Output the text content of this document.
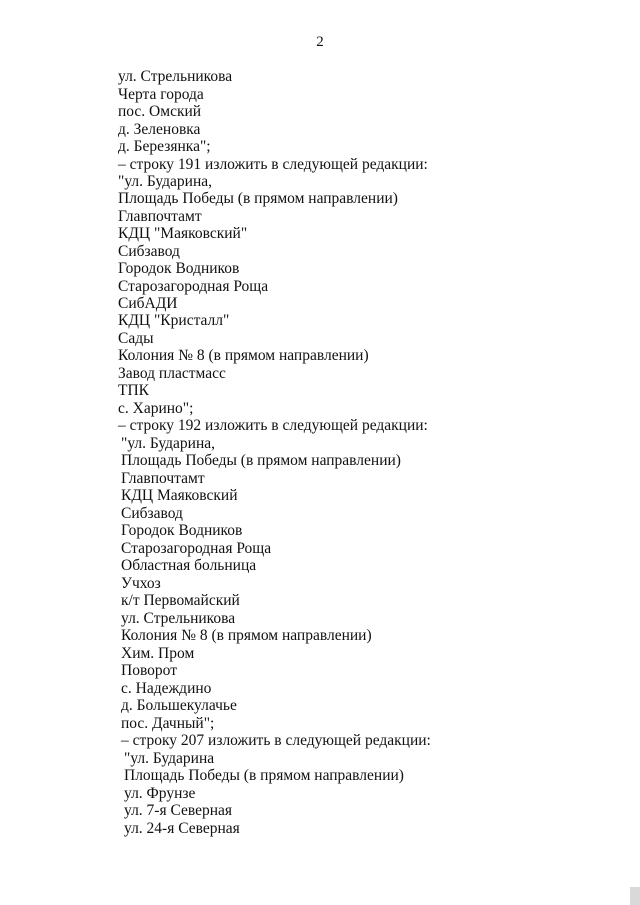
2
ул. Стрельникова
Черта города
пос. Омский
д. Зеленовка
д. Березянка";
– строку 191 изложить в следующей редакции:
"ул. Бударина,
Площадь Победы (в прямом направлении)
Главпочтамт
КДЦ "Маяковский"
Сибзавод
Городок Водников
Старозагородная Роща
СибАДИ
КДЦ "Кристалл"
Сады
Колония № 8 (в прямом направлении)
Завод пластмасс
ТПК
с. Харино";
– строку 192 изложить в следующей редакции:
"ул. Бударина,
Площадь Победы (в прямом направлении)
Главпочтамт
КДЦ Маяковский
Сибзавод
Городок Водников
Старозагородная Роща
Областная больница
Учхоз
к/т Первомайский
ул. Стрельникова
Колония № 8 (в прямом направлении)
Хим. Пром
Поворот
с. Надеждино
д. Большекулачье
пос. Дачный";
– строку 207 изложить в следующей редакции:
"ул. Бударина
Площадь Победы (в прямом направлении)
ул. Фрунзе
ул. 7-я Северная
ул. 24-я Северная
